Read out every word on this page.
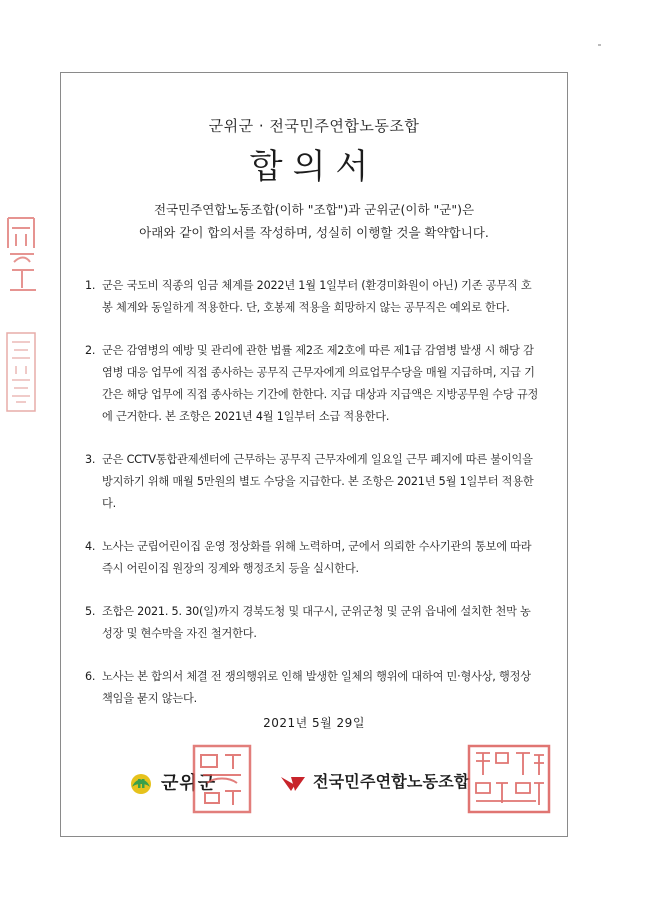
군위군 · 전국민주연합노동조합
합의서
전국민주연합노동조합(이하 "조합")과 군위군(이하 "군")은
아래와 같이 합의서를 작성하며, 성실히 이행할 것을 확약합니다.
1. 군은 국도비 직종의 임금 체계를 2022년 1월 1일부터 (환경미화원이 아닌) 기존 공무직 호봉 체계와 동일하게 적용한다. 단, 호봉제 적용을 희망하지 않는 공무직은 예외로 한다.
2. 군은 감염병의 예방 및 관리에 관한 법률 제2조 제2호에 따른 제1급 감염병 발생 시 해당 감염병 대응 업무에 직접 종사하는 공무직 근무자에게 의료업무수당을 매월 지급하며, 지급 기간은 해당 업무에 직접 종사하는 기간에 한한다. 지급 대상과 지급액은 지방공무원 수당 규정에 근거한다. 본 조항은 2021년 4월 1일부터 소급 적용한다.
3. 군은 CCTV통합관제센터에 근무하는 공무직 근무자에게 일요일 근무 폐지에 따른 불이익을 방지하기 위해 매월 5만원의 별도 수당을 지급한다. 본 조항은 2021년 5월 1일부터 적용한다.
4. 노사는 군립어린이집 운영 정상화를 위해 노력하며, 군에서 의뢰한 수사기관의 통보에 따라 즉시 어린이집 원장의 징계와 행정조치 등을 실시한다.
5. 조합은 2021. 5. 30(일)까지 경북도청 및 대구시, 군위군청 및 군위 읍내에 설치한 천막 농성장 및 현수막을 자진 철거한다.
6. 노사는 본 합의서 체결 전 쟁의행위로 인해 발생한 일체의 행위에 대하여 민·형사상, 행정상 책임을 묻지 않는다.
2021년 5월 29일
군위군	전국민주연합노동조합
